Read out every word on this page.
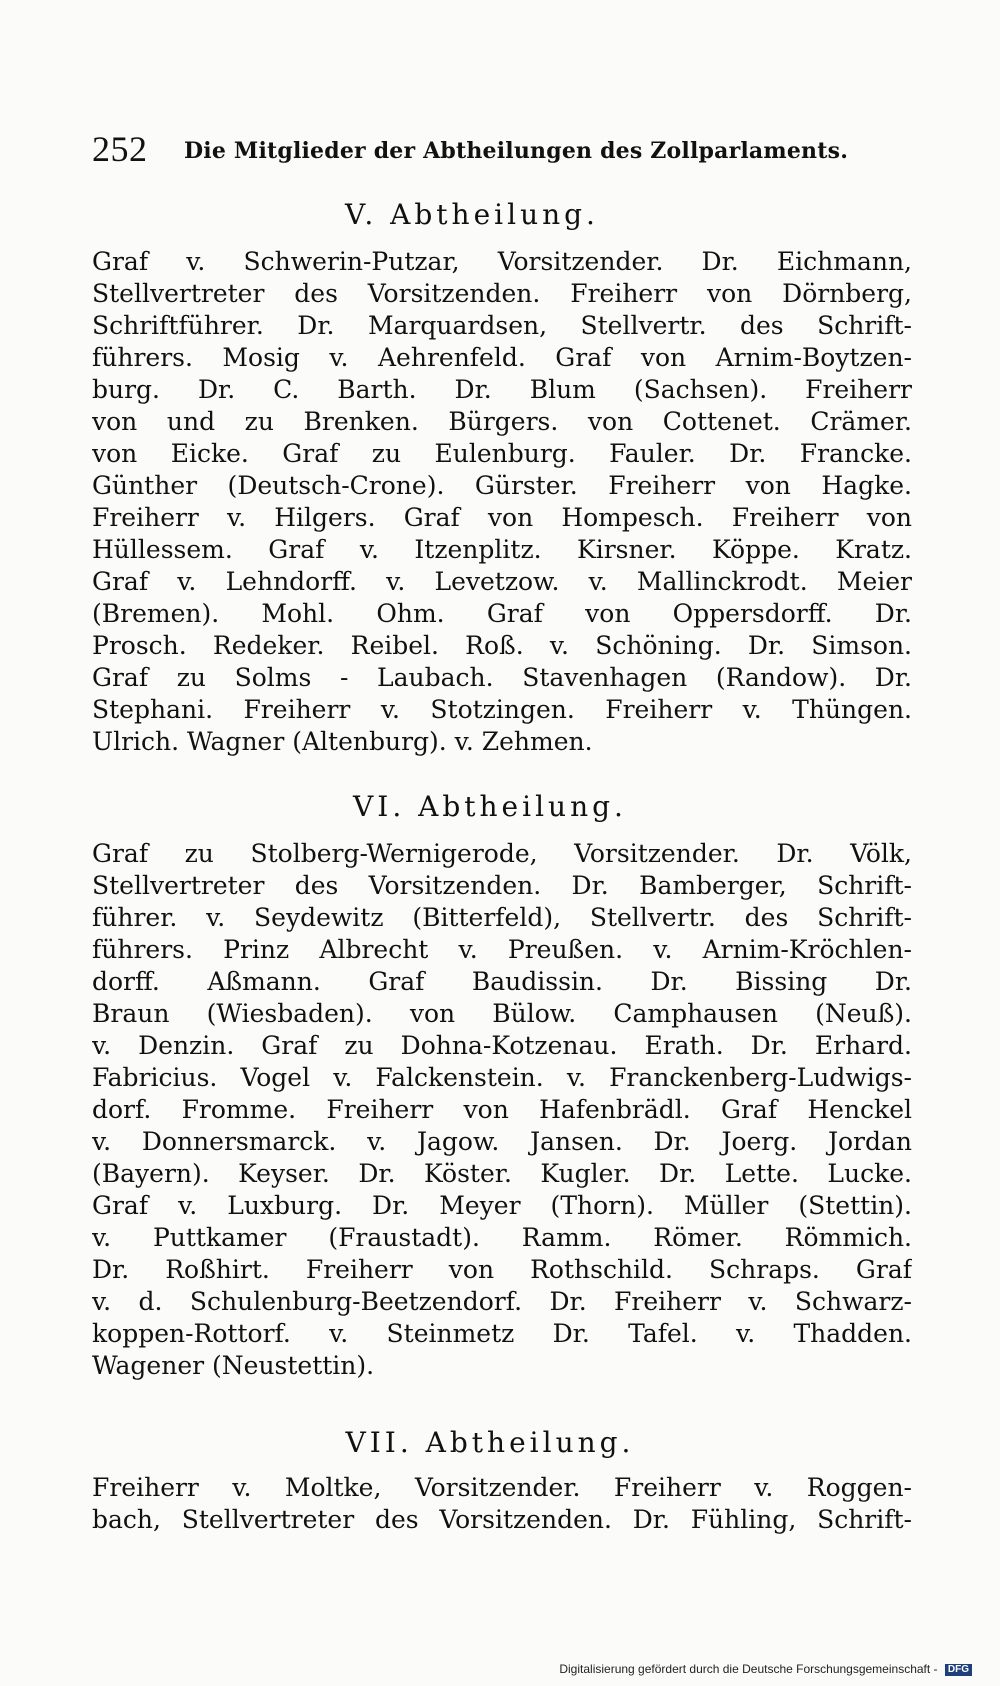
252 Die Mitglieder der Abtheilungen des Zollparlaments.
V. Abtheilung.
Graf v. Schwerin-Putzar, Vorsitzender. Dr. Eichmann,
Stellvertreter des Vorsitzenden. Freiherr von Dörnberg,
Schriftführer. Dr. Marquardsen, Stellvertr. des Schrift-
führers. Mosig v. Aehrenfeld. Graf von Arnim-Boytzen-
burg. Dr. C. Barth. Dr. Blum (Sachsen). Freiherr
von und zu Brenken. Bürgers. von Cottenet. Crämer.
von Eicke. Graf zu Eulenburg. Fauler. Dr. Francke.
Günther (Deutsch-Crone). Gürster. Freiherr von Hagke.
Freiherr v. Hilgers. Graf von Hompesch. Freiherr von
Hüllessem. Graf v. Itzenplitz. Kirsner. Köppe. Kratz.
Graf v. Lehndorff. v. Levetzow. v. Mallinckrodt. Meier
(Bremen). Mohl. Ohm. Graf von Oppersdorff. Dr.
Prosch. Redeker. Reibel. Roß. v. Schöning. Dr. Simson.
Graf zu Solms - Laubach. Stavenhagen (Randow). Dr.
Stephani. Freiherr v. Stotzingen. Freiherr v. Thüngen.
Ulrich. Wagner (Altenburg). v. Zehmen.
VI. Abtheilung.
Graf zu Stolberg-Wernigerode, Vorsitzender. Dr. Völk,
Stellvertreter des Vorsitzenden. Dr. Bamberger, Schrift-
führer. v. Seydewitz (Bitterfeld), Stellvertr. des Schrift-
führers. Prinz Albrecht v. Preußen. v. Arnim-Kröchlen-
dorff. Aßmann. Graf Baudissin. Dr. Bissing Dr.
Braun (Wiesbaden). von Bülow. Camphausen (Neuß).
v. Denzin. Graf zu Dohna-Kotzenau. Erath. Dr. Erhard.
Fabricius. Vogel v. Falckenstein. v. Franckenberg-Ludwigs-
dorf. Fromme. Freiherr von Hafenbrädl. Graf Henckel
v. Donnersmarck. v. Jagow. Jansen. Dr. Joerg. Jordan
(Bayern). Keyser. Dr. Köster. Kugler. Dr. Lette. Lucke.
Graf v. Luxburg. Dr. Meyer (Thorn). Müller (Stettin).
v. Puttkamer (Fraustadt). Ramm. Römer. Römmich.
Dr. Roßhirt. Freiherr von Rothschild. Schraps. Graf
v. d. Schulenburg-Beetzendorf. Dr. Freiherr v. Schwarz-
koppen-Rottorf. v. Steinmetz Dr. Tafel. v. Thadden.
Wagener (Neustettin).
VII. Abtheilung.
Freiherr v. Moltke, Vorsitzender. Freiherr v. Roggen-
bach, Stellvertreter des Vorsitzenden. Dr. Fühling, Schrift-
Digitalisierung gefördert durch die Deutsche Forschungsgemeinschaft - DFG
